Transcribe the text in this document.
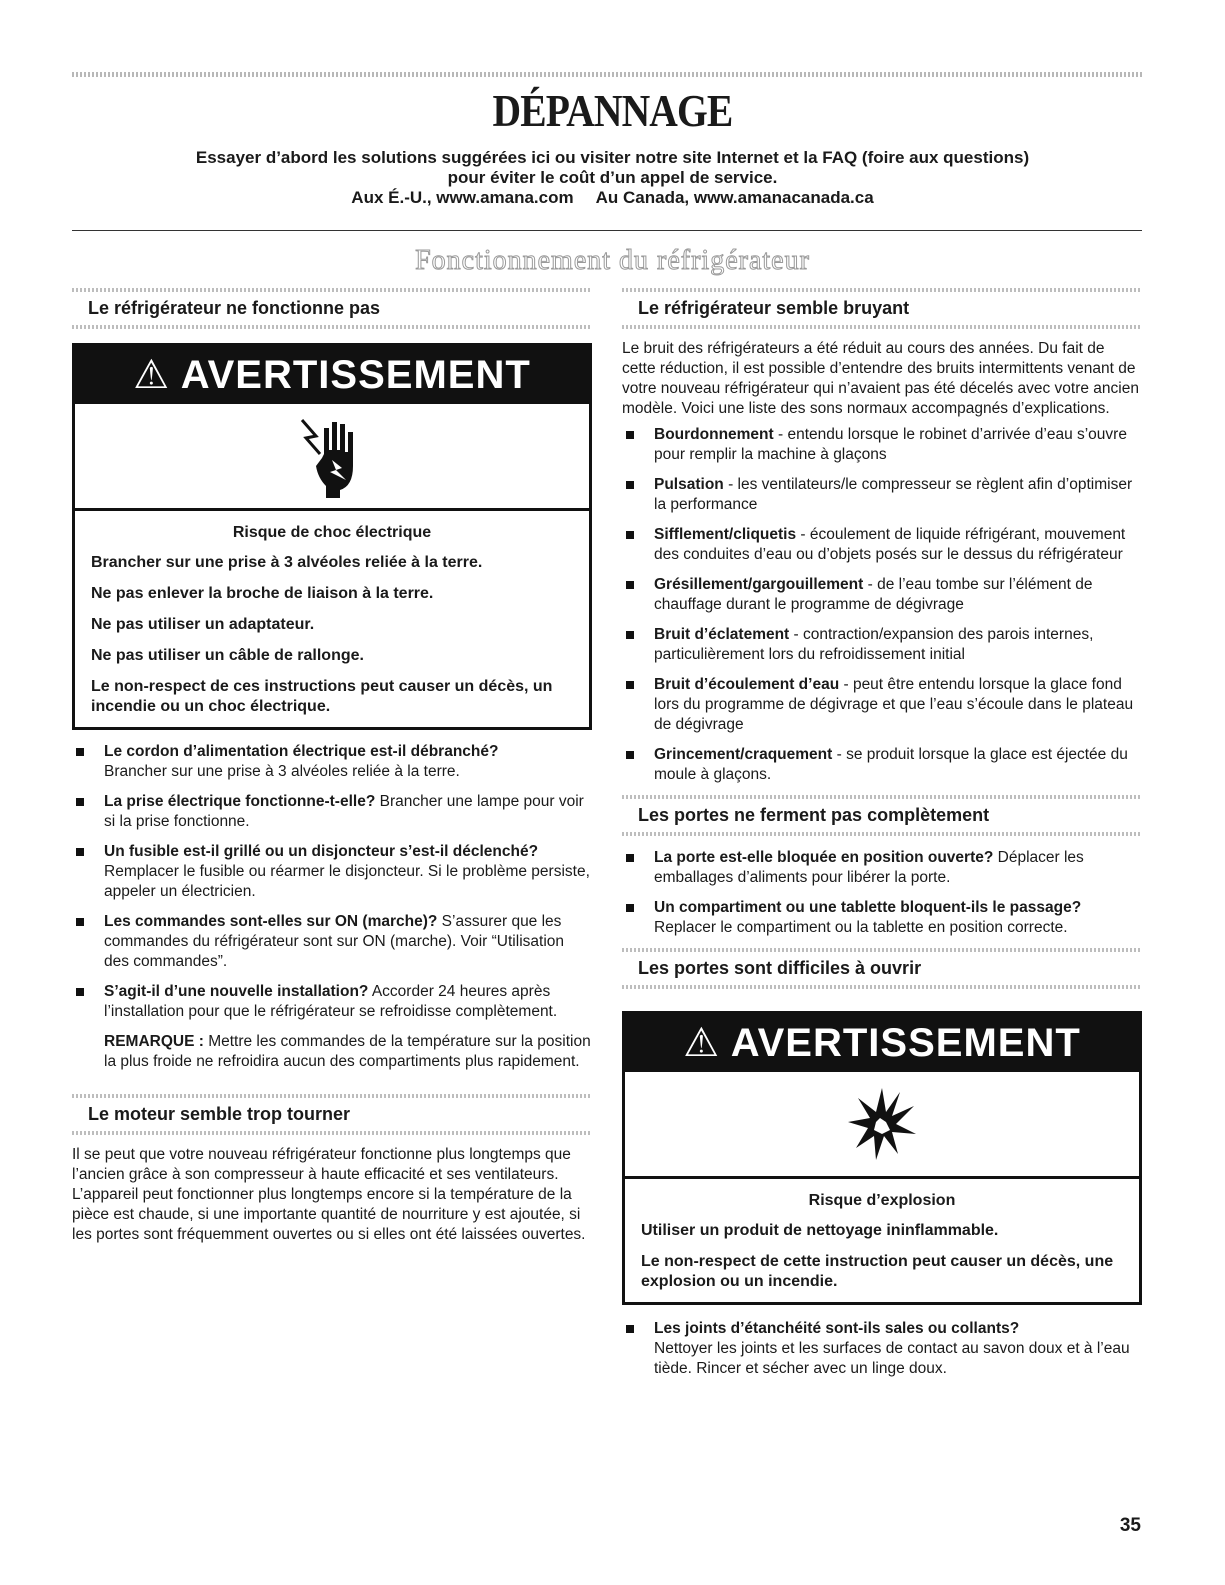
DÉPANNAGE
Essayer d’abord les solutions suggérées ici ou visiter notre site Internet et la FAQ (foire aux questions)
pour éviter le coût d’un appel de service.
Aux É.-U., www.amana.com Au Canada, www.amanacanada.ca
Fonctionnement du réfrigérateur
Le réfrigérateur ne fonctionne pas
⚠ AVERTISSEMENT
Risque de choc électrique

Brancher sur une prise à 3 alvéoles reliée à la terre.

Ne pas enlever la broche de liaison à la terre.

Ne pas utiliser un adaptateur.

Ne pas utiliser un câble de rallonge.

Le non-respect de ces instructions peut causer un décès, un incendie ou un choc électrique.

Le cordon d’alimentation électrique est-il débranché?
Brancher sur une prise à 3 alvéoles reliée à la terre.
La prise électrique fonctionne-t-elle? Brancher une lampe pour voir si la prise fonctionne.
Un fusible est-il grillé ou un disjoncteur s’est-il déclenché? Remplacer le fusible ou réarmer le disjoncteur. Si le problème persiste, appeler un électricien.
Les commandes sont-elles sur ON (marche)? S’assurer que les commandes du réfrigérateur sont sur ON (marche). Voir “Utilisation des commandes”.
S’agit-il d’une nouvelle installation? Accorder 24 heures après l’installation pour que le réfrigérateur se refroidisse complètement.

REMARQUE : Mettre les commandes de la température sur la position la plus froide ne refroidira aucun des compartiments plus rapidement.

Le moteur semble trop tourner

Il se peut que votre nouveau réfrigérateur fonctionne plus longtemps que l’ancien grâce à son compresseur à haute efficacité et ses ventilateurs. L’appareil peut fonctionner plus longtemps encore si la température de la pièce est chaude, si une importante quantité de nourriture y est ajoutée, si les portes sont fréquemment ouvertes ou si elles ont été laissées ouvertes.

Le réfrigérateur semble bruyant

Le bruit des réfrigérateurs a été réduit au cours des années. Du fait de cette réduction, il est possible d’entendre des bruits intermittents venant de votre nouveau réfrigérateur qui n’avaient pas été décelés avec votre ancien modèle. Voici une liste des sons normaux accompagnés d’explications.

Bourdonnement - entendu lorsque le robinet d’arrivée d’eau s’ouvre pour remplir la machine à glaçons
Pulsation - les ventilateurs/le compresseur se règlent afin d’optimiser la performance
Sifflement/cliquetis - écoulement de liquide réfrigérant, mouvement des conduites d’eau ou d’objets posés sur le dessus du réfrigérateur
Grésillement/gargouillement - de l’eau tombe sur l’élément de chauffage durant le programme de dégivrage
Bruit d’éclatement - contraction/expansion des parois internes, particulièrement lors du refroidissement initial
Bruit d’écoulement d’eau - peut être entendu lorsque la glace fond lors du programme de dégivrage et que l’eau s’écoule dans le plateau de dégivrage
Grincement/craquement - se produit lorsque la glace est éjectée du moule à glaçons.
Les portes ne ferment pas complètement
La porte est-elle bloquée en position ouverte? Déplacer les emballages d’aliments pour libérer la porte.
Un compartiment ou une tablette bloquent-ils le passage? Replacer le compartiment ou la tablette en position correcte.
Les portes sont difficiles à ouvrir
⚠ AVERTISSEMENT
Risque d’explosion

Utiliser un produit de nettoyage ininflammable.

Le non-respect de cette instruction peut causer un décès, une explosion ou un incendie.

Les joints d’étanchéité sont-ils sales ou collants?
Nettoyer les joints et les surfaces de contact au savon doux et à l’eau tiède. Rincer et sécher avec un linge doux.
35
